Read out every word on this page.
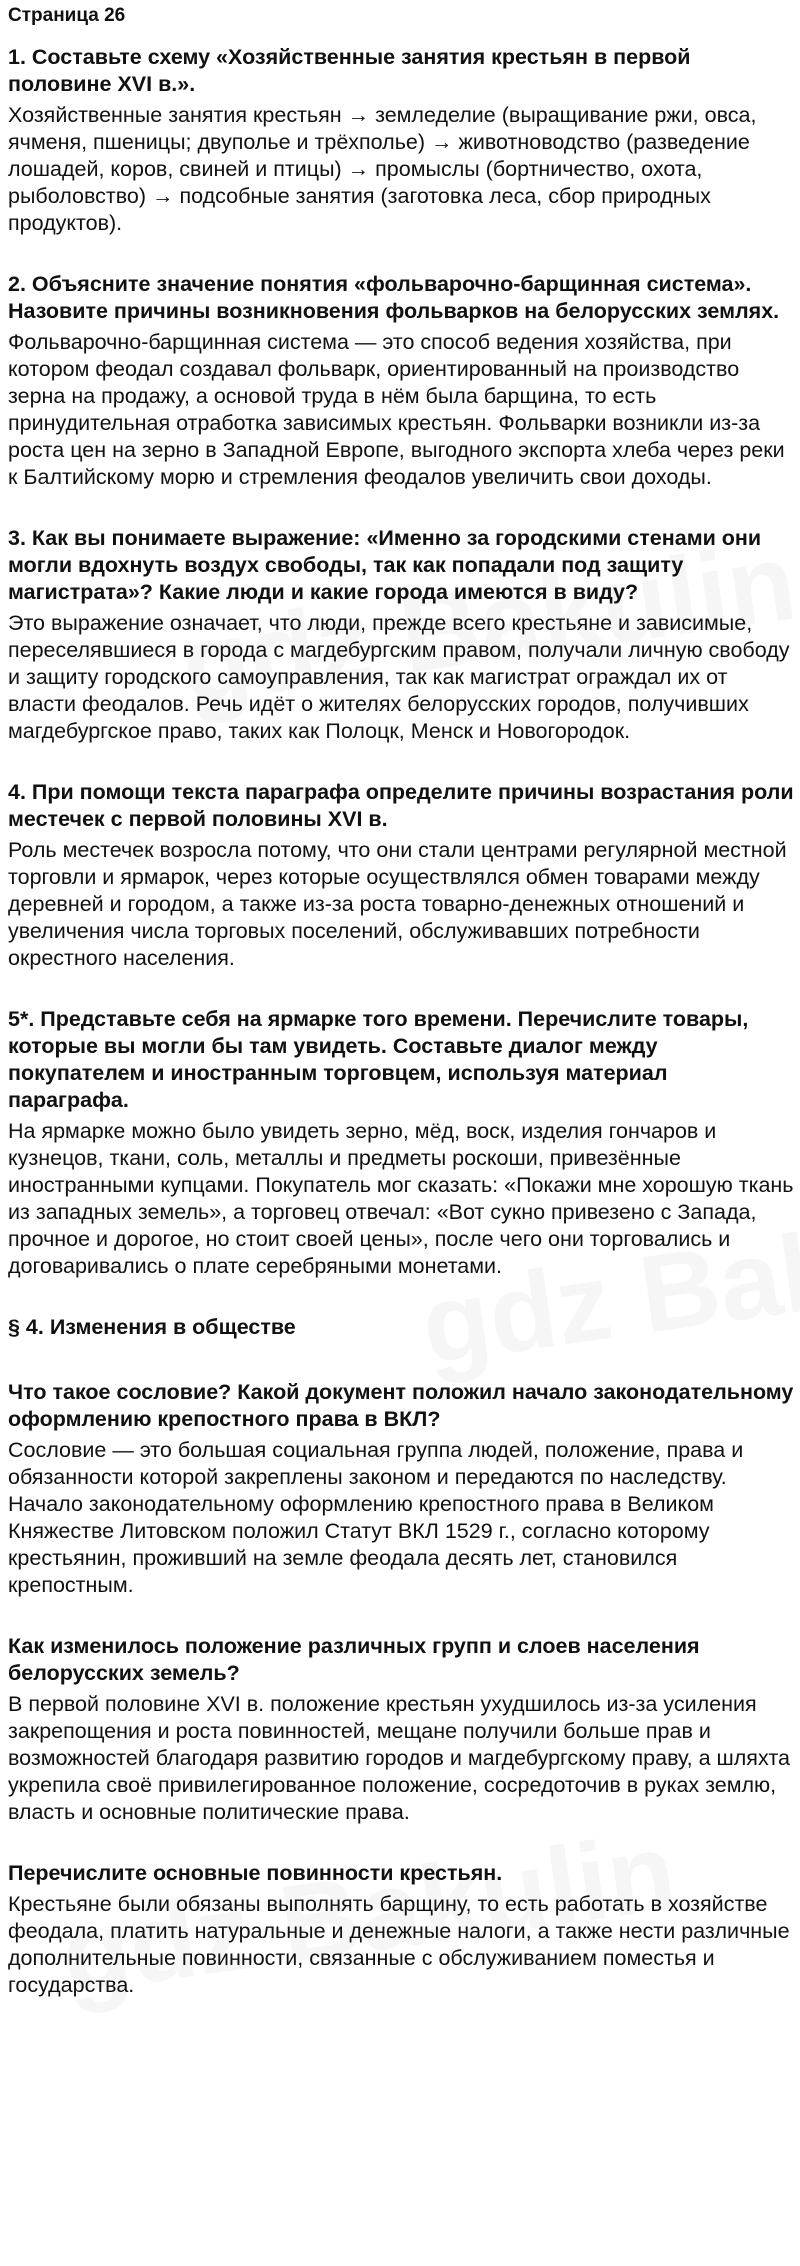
Страница 26

1. Составьте схему «Хозяйственные занятия крестьян в первой половине XVI в.».

Хозяйственные занятия крестьян → земледелие (выращивание ржи, овса, ячменя, пшеницы; двуполье и трёхполье) → животноводство (разведение лошадей, коров, свиней и птицы) → промыслы (бортничество, охота, рыболовство) → подсобные занятия (заготовка леса, сбор природных продуктов).

2. Объясните значение понятия «фольварочно-барщинная система». Назовите причины возникновения фольварков на белорусских землях.

Фольварочно-барщинная система — это способ ведения хозяйства, при котором феодал создавал фольварк, ориентированный на производство зерна на продажу, а основой труда в нём была барщина, то есть принудительная отработка зависимых крестьян. Фольварки возникли из-за роста цен на зерно в Западной Европе, выгодного экспорта хлеба через реки к Балтийскому морю и стремления феодалов увеличить свои доходы.

3. Как вы понимаете выражение: «Именно за городскими стенами они могли вдохнуть воздух свободы, так как попадали под защиту магистрата»? Какие люди и какие города имеются в виду?

Это выражение означает, что люди, прежде всего крестьяне и зависимые, переселявшиеся в города с магдебургским правом, получали личную свободу и защиту городского самоуправления, так как магистрат ограждал их от власти феодалов. Речь идёт о жителях белорусских городов, получивших магдебургское право, таких как Полоцк, Менск и Новогородок.

4. При помощи текста параграфа определите причины возрастания роли местечек с первой половины XVI в.

Роль местечек возросла потому, что они стали центрами регулярной местной торговли и ярмарок, через которые осуществлялся обмен товарами между деревней и городом, а также из-за роста товарно-денежных отношений и увеличения числа торговых поселений, обслуживавших потребности окрестного населения.

5*. Представьте себя на ярмарке того времени. Перечислите товары, которые вы могли бы там увидеть. Составьте диалог между покупателем и иностранным торговцем, используя материал параграфа.

На ярмарке можно было увидеть зерно, мёд, воск, изделия гончаров и кузнецов, ткани, соль, металлы и предметы роскоши, привезённые иностранными купцами. Покупатель мог сказать: «Покажи мне хорошую ткань из западных земель», а торговец отвечал: «Вот сукно привезено с Запада, прочное и дорогое, но стоит своей цены», после чего они торговались и договаривались о плате серебряными монетами.

§ 4. Изменения в обществе

Что такое сословие? Какой документ положил начало законодательному оформлению крепостного права в ВКЛ?

Сословие — это большая социальная группа людей, положение, права и обязанности которой закреплены законом и передаются по наследству. Начало законодательному оформлению крепостного права в Великом Княжестве Литовском положил Статут ВКЛ 1529 г., согласно которому крестьянин, проживший на земле феодала десять лет, становился крепостным.

Как изменилось положение различных групп и слоев населения белорусских земель?

В первой половине XVI в. положение крестьян ухудшилось из-за усиления закрепощения и роста повинностей, мещане получили больше прав и возможностей благодаря развитию городов и магдебургскому праву, а шляхта укрепила своё привилегированное положение, сосредоточив в руках землю, власть и основные политические права.

Перечислите основные повинности крестьян.

Крестьяне были обязаны выполнять барщину, то есть работать в хозяйстве феодала, платить натуральные и денежные налоги, а также нести различные дополнительные повинности, связанные с обслуживанием поместья и государства.
